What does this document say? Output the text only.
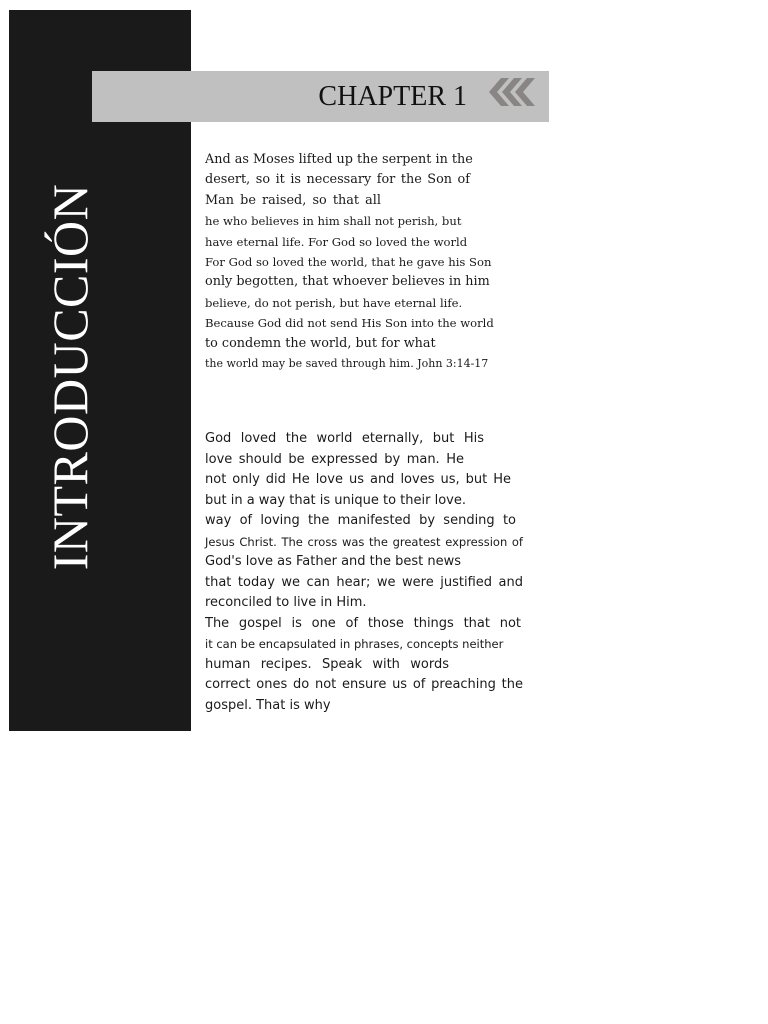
INTRODUCCIÓN
CHAPTER 1
And as Moses lifted up the serpent in the
desert, so it is necessary for the Son of
Man be raised, so that all
he who believes in him shall not perish, but
have eternal life. For God so loved the world
For God so loved the world, that he gave his Son
only begotten, that whoever believes in him
believe, do not perish, but have eternal life.
Because God did not send His Son into the world
to condemn the world, but for what
the world may be saved through him. John 3:14-17
God loved the world eternally, but His
love should be expressed by man. He
not only did He love us and loves us, but He
but in a way that is unique to their love.
way of loving the manifested by sending to
Jesus Christ. The cross was the greatest expression of
God's love as Father and the best news
that today we can hear; we were justified and
reconciled to live in Him.
The gospel is one of those things that not
it can be encapsulated in phrases, concepts neither
human recipes. Speak with words
correct ones do not ensure us of preaching the
gospel. That is why
